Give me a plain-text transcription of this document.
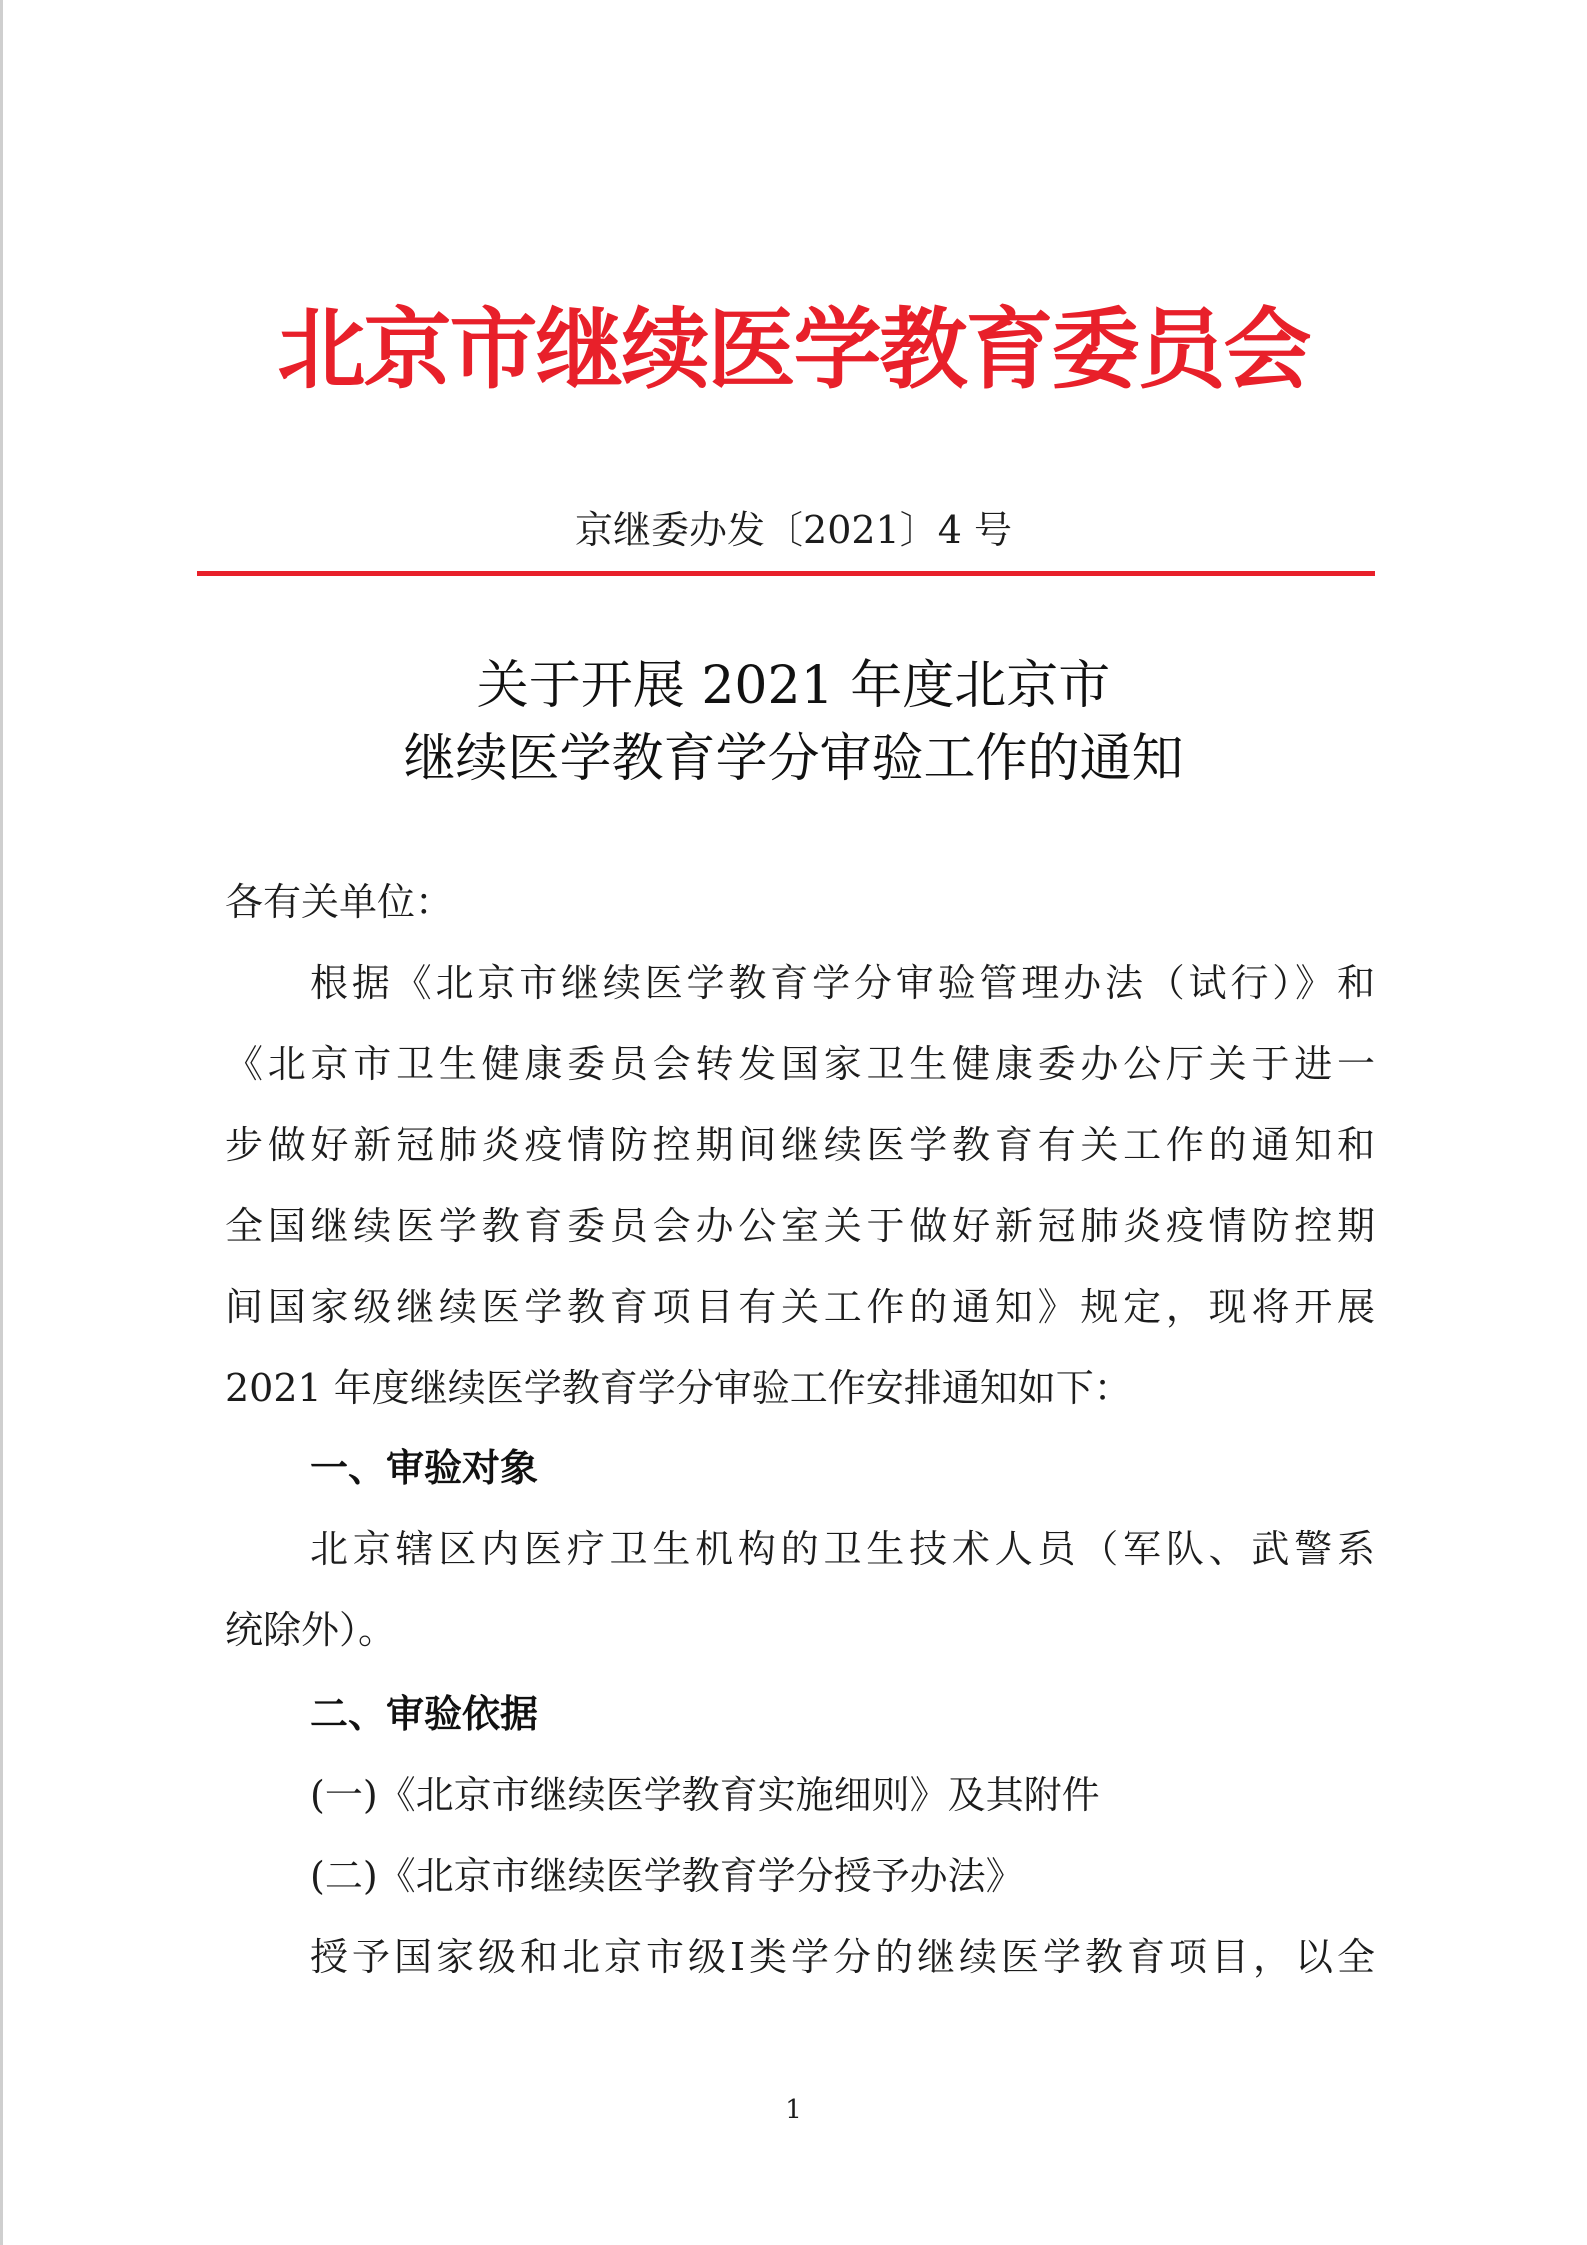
北京市继续医学教育委员会
京继委办发〔2021〕4 号
关于开展 2021 年度北京市
继续医学教育学分审验工作的通知
各有关单位：
根据《北京市继续医学教育学分审验管理办法（试行）》和
《北京市卫生健康委员会转发国家卫生健康委办公厅关于进一
步做好新冠肺炎疫情防控期间继续医学教育有关工作的通知和
全国继续医学教育委员会办公室关于做好新冠肺炎疫情防控期
间国家级继续医学教育项目有关工作的通知》规定，现将开展
2021 年度继续医学教育学分审验工作安排通知如下：
一、审验对象
北京辖区内医疗卫生机构的卫生技术人员（军队、武警系
统除外）。
二、审验依据
(一)《北京市继续医学教育实施细则》及其附件
(二)《北京市继续医学教育学分授予办法》
授予国家级和北京市级Ⅰ类学分的继续医学教育项目，以全
1
